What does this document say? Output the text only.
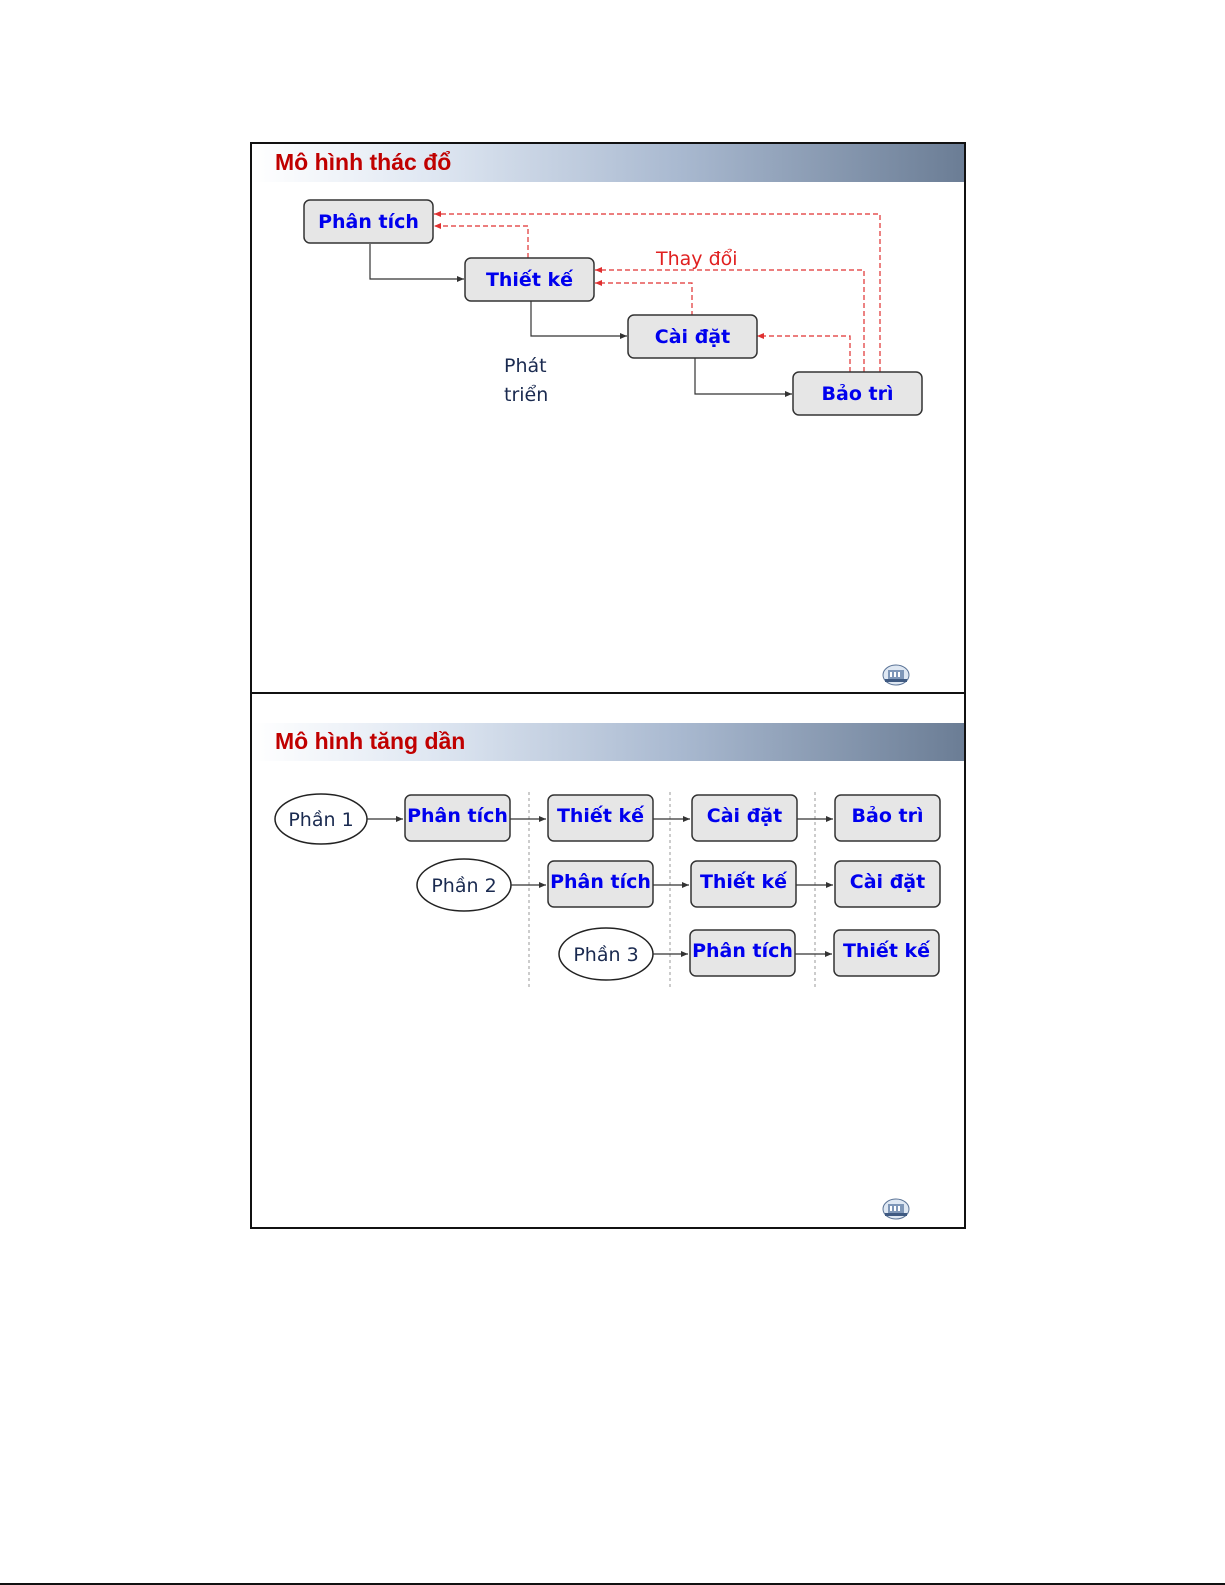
Mô hình thác đổ
Mô hình tăng dần
Phân tích
Thiết kế
Cài đặt
Bảo trì
Thay đổi
Phát
triển
Phần 1	Phân tích	Thiết kế	Cài đặt	Bảo trì
Phần 2	Phân tích	Thiết kế	Cài đặt
Phần 3	Phân tích	Thiết kế
